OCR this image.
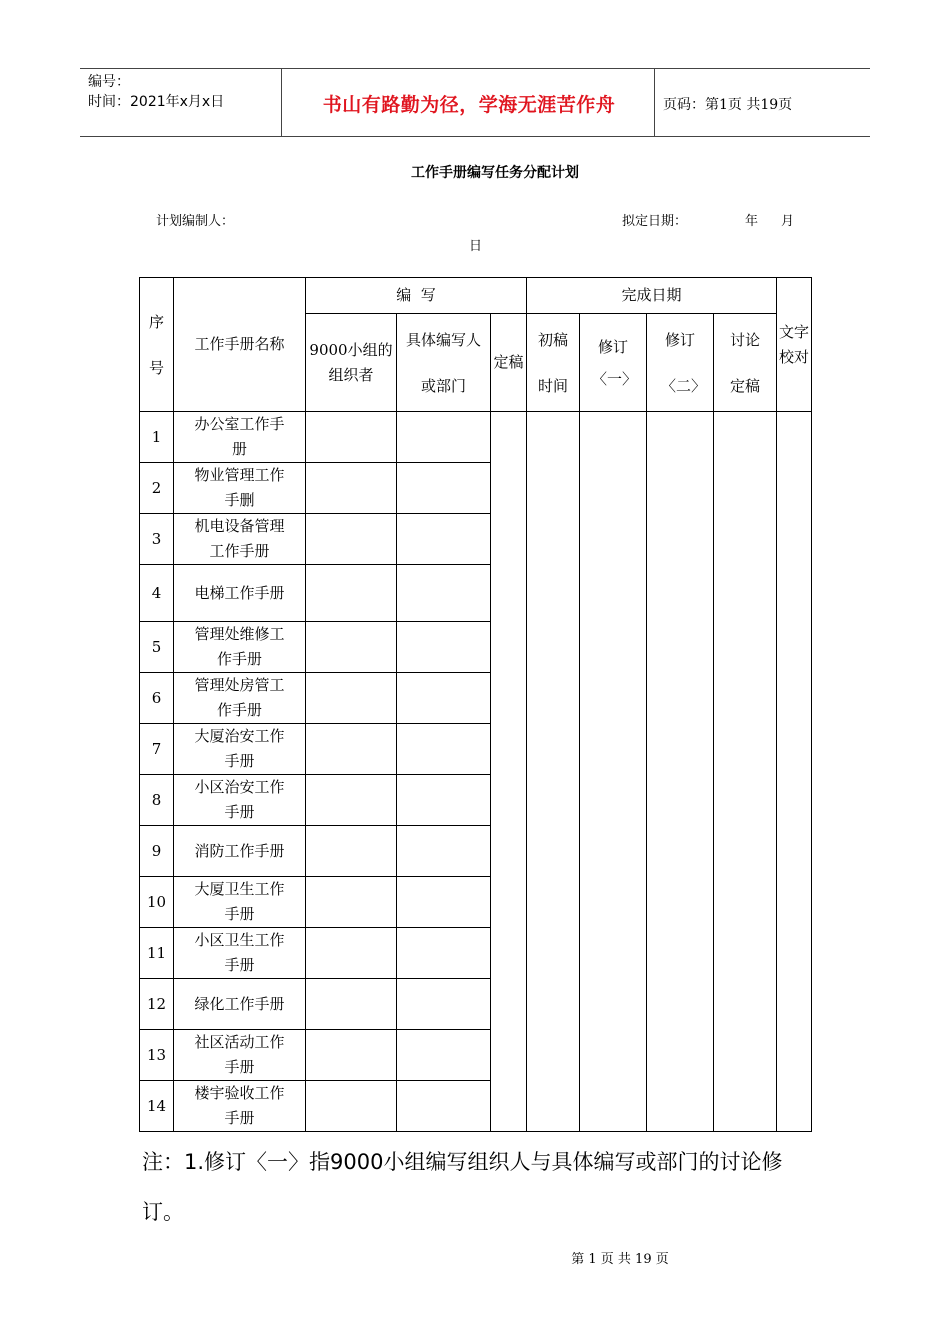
编号：
时间：2021年x月x日	书山有路勤为径，学海无涯苦作舟	页码：第1页 共19页
工作手册编写任务分配计划
计划编制人：	拟定日期：	年 月
日
序号	工作手册名称	编  写			完成日期				文字校对
		9000小组的组织者	具体编写人或部门	定稿	初稿时间	修订〈一〉	修订〈二〉	讨论定稿	
1	办公室工作手册								
2	物业管理工作手删								
3	机电设备管理工作手册								
4	电梯工作手册								
5	管理处维修工作手册								
6	管理处房管工作手册								
7	大厦治安工作手册								
8	小区治安工作手册								
9	消防工作手册								
10	大厦卫生工作手册								
11	小区卫生工作手册								
12	绿化工作手册								
13	社区活动工作手册								
14	楼宇验收工作手册								
注：1.修订〈一〉指9000小组编写组织人与具体编写或部门的讨论修订。
第 1 页 共 19 页
